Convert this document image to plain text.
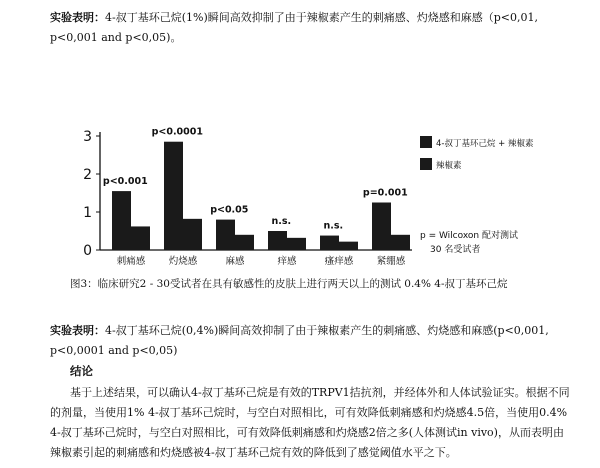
实验表明：4-叔丁基环己烷(1%)瞬间高效抑制了由于辣椒素产生的刺痛感、灼烧感和麻感（p<0,01, p<0,001 and p<0,05)。

0
1
2
3
刺痛感
p<0.001
灼烧感
p<0.0001
麻感
p<0.05
痒感
n.s.
瘙痒感
n.s.
紧绷感
p=0.001
4-叔丁基环己烷 + 辣椒素
辣椒素
p = Wilcoxon 配对测试
30 名受试者
图3：临床研究2 - 30受试者在具有敏感性的皮肤上进行两天以上的测试 0.4% 4-叔丁基环己烷

实验表明：4-叔丁基环己烷(0,4%)瞬间高效抑制了由于辣椒素产生的刺痛感、灼烧感和麻感(p<0,001, p<0,0001 and p<0,05)

结论

基于上述结果，可以确认4-叔丁基环己烷是有效的TRPV1拮抗剂，并经体外和人体试验证实。根据不同的剂量，当使用1% 4-叔丁基环己烷时，与空白对照相比，可有效降低刺痛感和灼烧感4.5倍，当使用0.4% 4-叔丁基环己烷时，与空白对照相比，可有效降低刺痛感和灼烧感2倍之多(人体测试in vivo)，从而表明由辣椒素引起的刺痛感和灼烧感被4-叔丁基环己烷有效的降低到了感觉阈值水平之下。
